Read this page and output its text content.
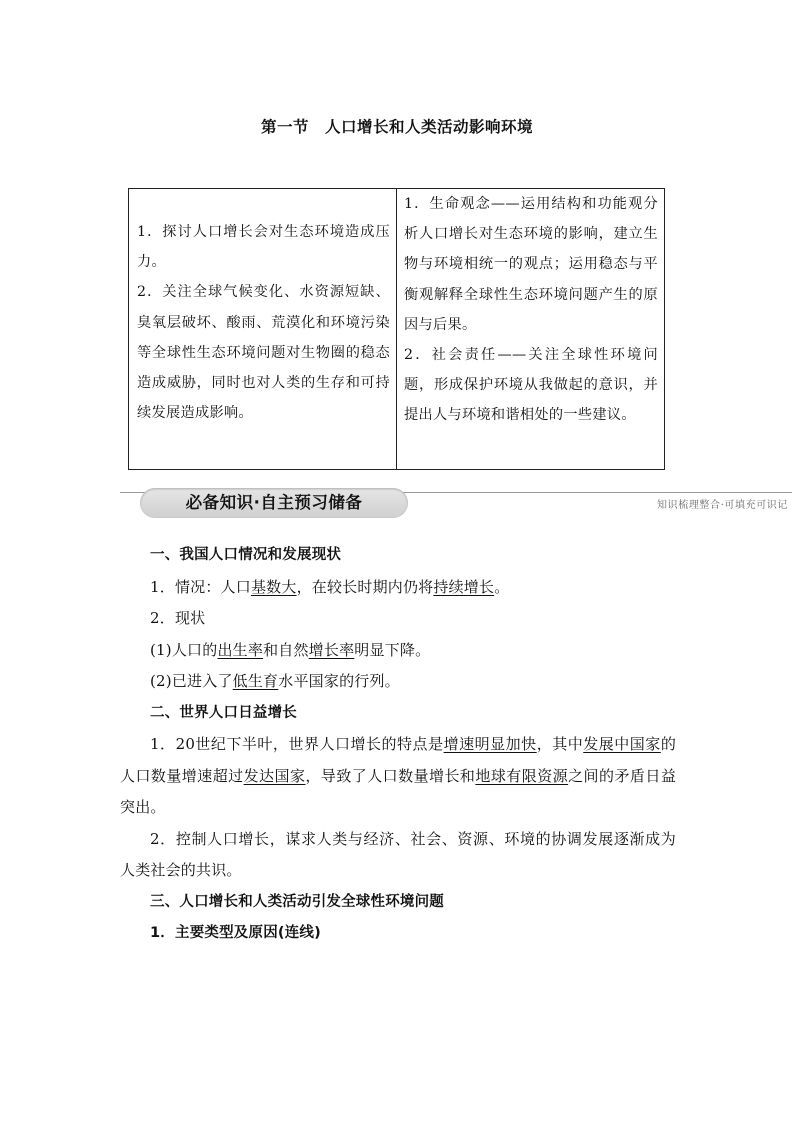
第一节　人口增长和人类活动影响环境

1．探讨人口增长会对生态环境造成压力。

2．关注全球气候变化、水资源短缺、臭氧层破坏、酸雨、荒漠化和环境污染等全球性生态环境问题对生物圈的稳态造成威胁，同时也对人类的生存和可持续发展造成影响。

1．生命观念——运用结构和功能观分析人口增长对生态环境的影响，建立生物与环境相统一的观点；运用稳态与平衡观解释全球性生态环境问题产生的原因与后果。

2．社会责任——关注全球性环境问题，形成保护环境从我做起的意识，并提出人与环境和谐相处的一些建议。

必备知识·自主预习储备	知识梳理整合·可填充可识记

一、我国人口情况和发展现状

1．情况：人口基数大，在较长时期内仍将持续增长。

2．现状

(1)人口的出生率和自然增长率明显下降。

(2)已进入了低生育水平国家的行列。

二、世界人口日益增长

1．20世纪下半叶，世界人口增长的特点是增速明显加快，其中发展中国家的人口数量增速超过发达国家，导致了人口数量增长和地球有限资源之间的矛盾日益突出。

2．控制人口增长，谋求人类与经济、社会、资源、环境的协调发展逐渐成为人类社会的共识。

三、人口增长和人类活动引发全球性环境问题

1．主要类型及原因(连线)
